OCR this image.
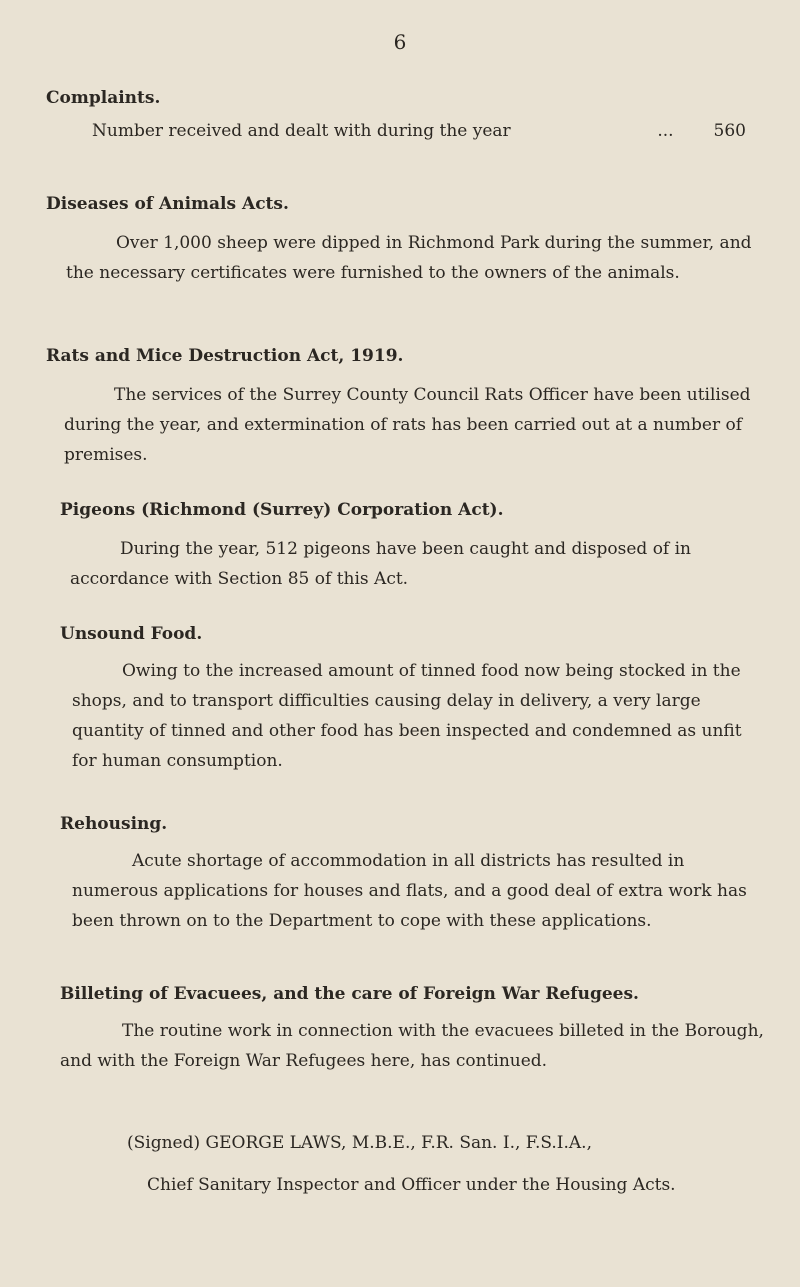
6
Complaints.
Number received and dealt with during the year	... 560
Diseases of Animals Acts.

Over 1,000 sheep were dipped in Richmond Park during the summer, and the necessary certificates were furnished to the owners of the animals.

Rats and Mice Destruction Act, 1919.

The services of the Surrey County Council Rats Officer have been utilised during the year, and extermination of rats has been carried out at a number of premises.

Pigeons (Richmond (Surrey) Corporation Act).

During the year, 512 pigeons have been caught and disposed of in accordance with Section 85 of this Act.

Unsound Food.

Owing to the increased amount of tinned food now being stocked in the shops, and to transport difficulties causing delay in delivery, a very large quantity of tinned and other food has been inspected and condemned as unfit for human consumption.

Rehousing.

Acute shortage of accommodation in all districts has resulted in numerous applications for houses and flats, and a good deal of extra work has been thrown on to the Department to cope with these applications.

Billeting of Evacuees, and the care of Foreign War Refugees.

The routine work in connection with the evacuees billeted in the Borough, and with the Foreign War Refugees here, has continued.

(Signed) GEORGE LAWS, M.B.E., F.R. San. I., F.S.I.A.,
Chief Sanitary Inspector and Officer under the Housing Acts.
